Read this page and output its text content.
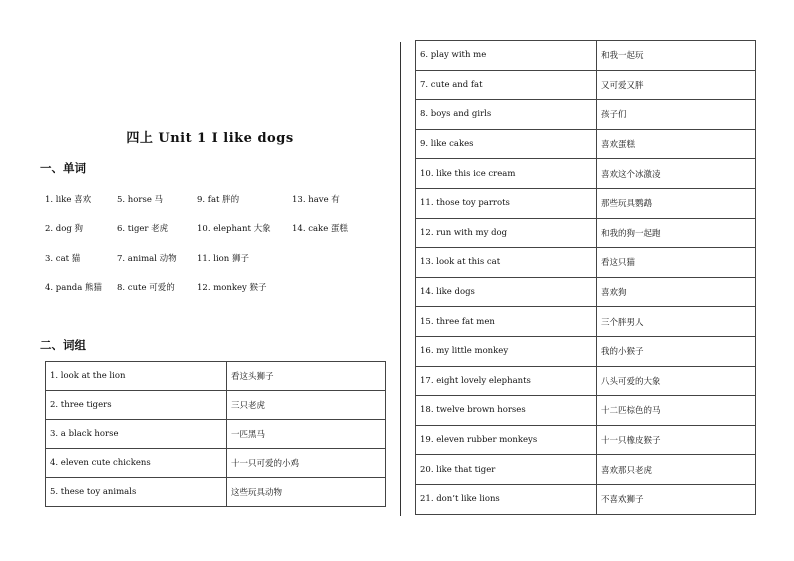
四上 Unit 1 I like dogs
一、单词
1. like 喜欢	5. horse 马	9. fat 胖的	13. have 有
2. dog 狗	6. tiger 老虎	10. elephant 大象	14. cake 蛋糕
3. cat 猫	7. animal 动物 11. lion 狮子
4. panda 熊猫 8. cute 可爱的	12. monkey 猴子
二、词组
1. look at the lion	看这头狮子
2. three tigers	三只老虎
3. a black horse	一匹黑马
4. eleven cute chickens	十一只可爱的小鸡
5. these toy animals	这些玩具动物
6. play with me	和我一起玩
7. cute and fat	又可爱又胖
8. boys and girls	孩子们
9. like cakes	喜欢蛋糕
10. like this ice cream	喜欢这个冰激凌
11. those toy parrots	那些玩具鹦鹉
12. run with my dog	和我的狗一起跑
13. look at this cat	看这只猫
14. like dogs	喜欢狗
15. three fat men	三个胖男人
16. my little monkey	我的小猴子
17. eight lovely elephants	八头可爱的大象
18. twelve brown horses	十二匹棕色的马
19. eleven rubber monkeys	十一只橡皮猴子
20. like that tiger	喜欢那只老虎
21. don’t like lions	不喜欢狮子
